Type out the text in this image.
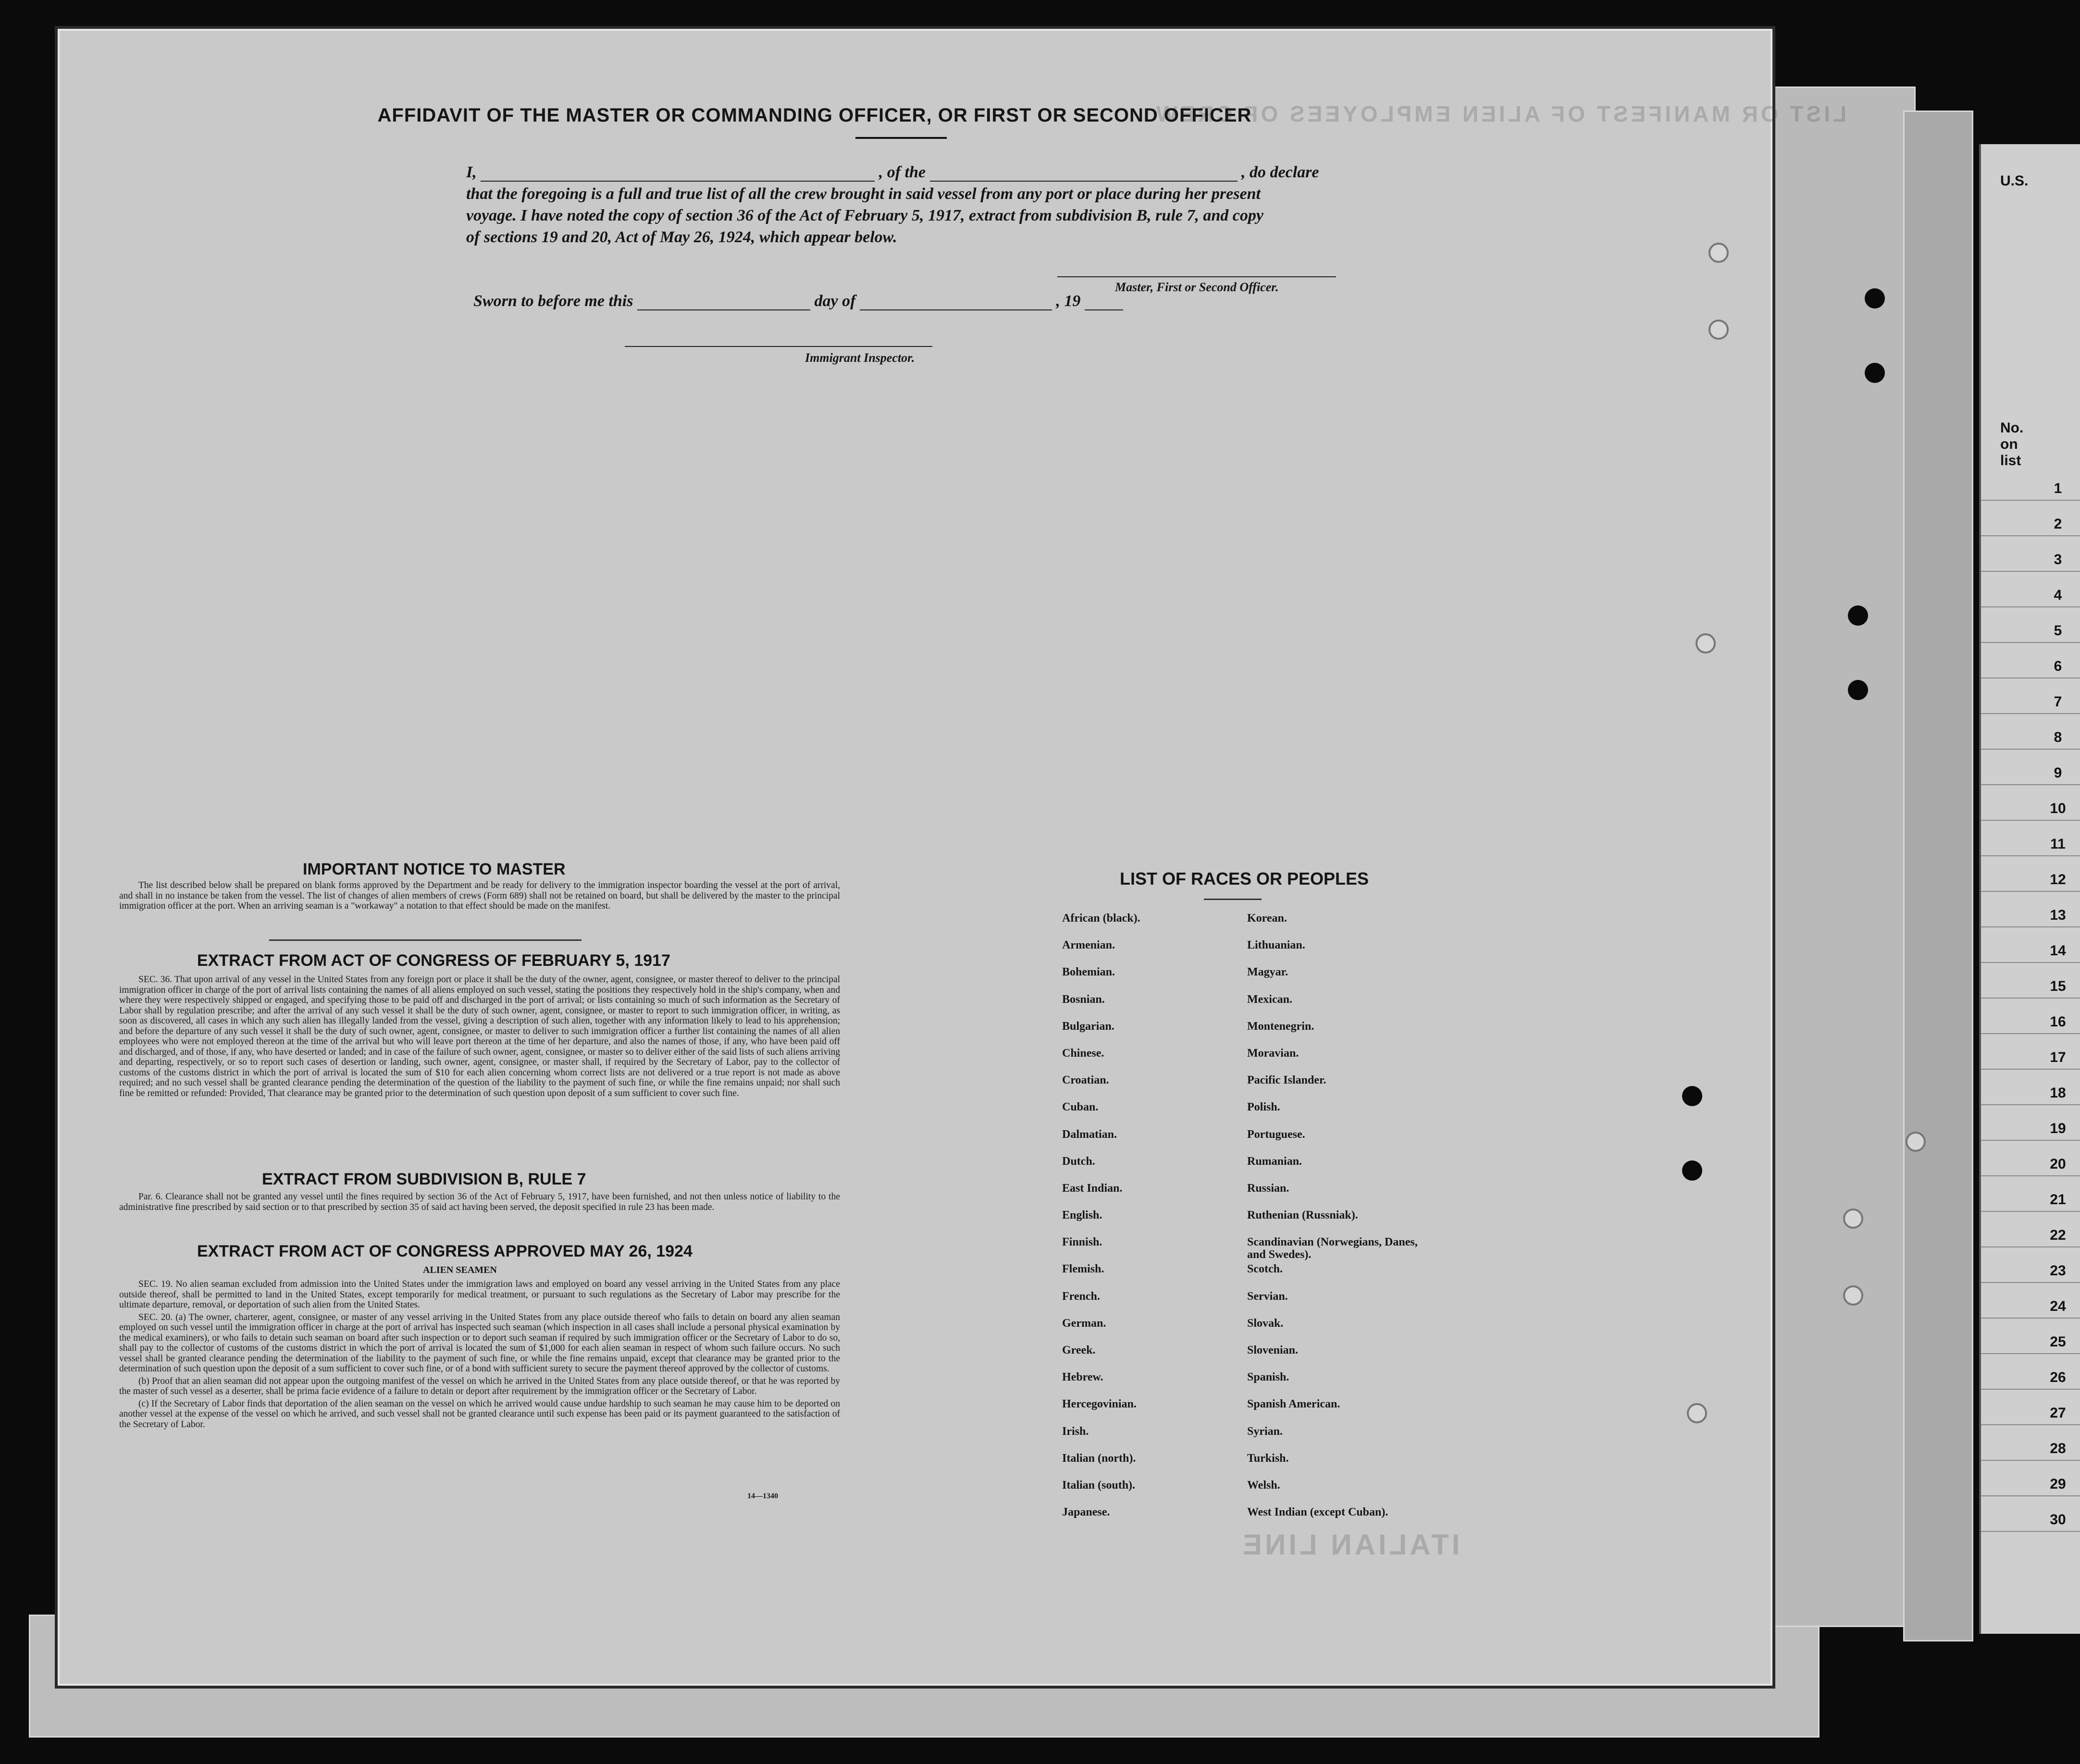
U.S.
No.
on
list
1
2
3
4
5
6
7
8
9
10
11
12
13
14
15
16
17
18
19
20
21
22
23
24
25
26
27
28
29
30
LIST OR MANIFEST OF ALIEN EMPLOYEES OF CREW
ITALIAN LINE
AFFIDAVIT OF THE MASTER OR COMMANDING OFFICER, OR FIRST OR SECOND OFFICER
I,	, of the	, do declare
that the foregoing is a full and true list of all the crew brought in said vessel from any port or place during her present
voyage. I have noted the copy of section 36 of the Act of February 5, 1917, extract from subdivision B, rule 7, and copy
of sections 19 and 20, Act of May 26, 1924, which appear below.
Master, First or Second Officer.
Sworn to before me this	day of	, 19
Immigrant Inspector.
IMPORTANT NOTICE TO MASTER

The list described below shall be prepared on blank forms approved by the Department and be ready for delivery to the immigration inspector boarding the vessel at the port of arrival, and shall in no instance be taken from the vessel. The list of changes of alien members of crews (Form 689) shall not be retained on board, but shall be delivered by the master to the principal immigration officer at the port. When an arriving seaman is a "workaway" a notation to that effect should be made on the manifest.

EXTRACT FROM ACT OF CONGRESS OF FEBRUARY 5, 1917

SEC. 36. That upon arrival of any vessel in the United States from any foreign port or place it shall be the duty of the owner, agent, consignee, or master thereof to deliver to the principal immigration officer in charge of the port of arrival lists containing the names of all aliens employed on such vessel, stating the positions they respectively hold in the ship's company, when and where they were respectively shipped or engaged, and specifying those to be paid off and discharged in the port of arrival; or lists containing so much of such information as the Secretary of Labor shall by regulation prescribe; and after the arrival of any such vessel it shall be the duty of such owner, agent, consignee, or master to report to such immigration officer, in writing, as soon as discovered, all cases in which any such alien has illegally landed from the vessel, giving a description of such alien, together with any information likely to lead to his apprehension; and before the departure of any such vessel it shall be the duty of such owner, agent, consignee, or master to deliver to such immigration officer a further list containing the names of all alien employees who were not employed thereon at the time of the arrival but who will leave port thereon at the time of her departure, and also the names of those, if any, who have been paid off and discharged, and of those, if any, who have deserted or landed; and in case of the failure of such owner, agent, consignee, or master so to deliver either of the said lists of such aliens arriving and departing, respectively, or so to report such cases of desertion or landing, such owner, agent, consignee, or master shall, if required by the Secretary of Labor, pay to the collector of customs of the customs district in which the port of arrival is located the sum of $10 for each alien concerning whom correct lists are not delivered or a true report is not made as above required; and no such vessel shall be granted clearance pending the determination of the question of the liability to the payment of such fine, or while the fine remains unpaid; nor shall such fine be remitted or refunded: Provided, That clearance may be granted prior to the determination of such question upon deposit of a sum sufficient to cover such fine.

EXTRACT FROM SUBDIVISION B, RULE 7

Par. 6. Clearance shall not be granted any vessel until the fines required by section 36 of the Act of February 5, 1917, have been furnished, and not then unless notice of liability to the administrative fine prescribed by said section or to that prescribed by section 35 of said act having been served, the deposit specified in rule 23 has been made.

EXTRACT FROM ACT OF CONGRESS APPROVED MAY 26, 1924
ALIEN SEAMEN

SEC. 19. No alien seaman excluded from admission into the United States under the immigration laws and employed on board any vessel arriving in the United States from any place outside thereof, shall be permitted to land in the United States, except temporarily for medical treatment, or pursuant to such regulations as the Secretary of Labor may prescribe for the ultimate departure, removal, or deportation of such alien from the United States.

SEC. 20. (a) The owner, charterer, agent, consignee, or master of any vessel arriving in the United States from any place outside thereof who fails to detain on board any alien seaman employed on such vessel until the immigration officer in charge at the port of arrival has inspected such seaman (which inspection in all cases shall include a personal physical examination by the medical examiners), or who fails to detain such seaman on board after such inspection or to deport such seaman if required by such immigration officer or the Secretary of Labor to do so, shall pay to the collector of customs of the customs district in which the port of arrival is located the sum of $1,000 for each alien seaman in respect of whom such failure occurs. No such vessel shall be granted clearance pending the determination of the liability to the payment of such fine, or while the fine remains unpaid, except that clearance may be granted prior to the determination of such question upon the deposit of a sum sufficient to cover such fine, or of a bond with sufficient surety to secure the payment thereof approved by the collector of customs.

(b) Proof that an alien seaman did not appear upon the outgoing manifest of the vessel on which he arrived in the United States from any place outside thereof, or that he was reported by the master of such vessel as a deserter, shall be prima facie evidence of a failure to detain or deport after requirement by the immigration officer or the Secretary of Labor.

(c) If the Secretary of Labor finds that deportation of the alien seaman on the vessel on which he arrived would cause undue hardship to such seaman he may cause him to be deported on another vessel at the expense of the vessel on which he arrived, and such vessel shall not be granted clearance until such expense has been paid or its payment guaranteed to the satisfaction of the Secretary of Labor.

14—1340
LIST OF RACES OR PEOPLES
African (black).
Armenian.
Bohemian.
Bosnian.
Bulgarian.
Chinese.
Croatian.
Cuban.
Dalmatian.
Dutch.
East Indian.
English.
Finnish.
Flemish.
French.
German.
Greek.
Hebrew.
Hercegovinian.
Irish.
Italian (north).
Italian (south).
Japanese.
Korean.
Lithuanian.
Magyar.
Mexican.
Montenegrin.
Moravian.
Pacific Islander.
Polish.
Portuguese.
Rumanian.
Russian.
Ruthenian (Russniak).
Scandinavian (Norwegians, Danes, and Swedes).
Scotch.
Servian.
Slovak.
Slovenian.
Spanish.
Spanish American.
Syrian.
Turkish.
Welsh.
West Indian (except Cuban).
